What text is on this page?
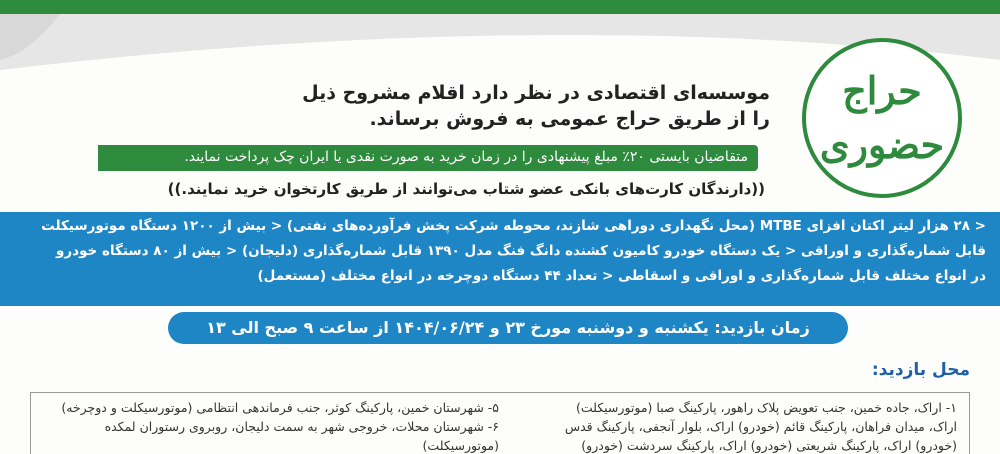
حراج
حضوری
موسسه‌ای اقتصادی در نظر دارد اقلام مشروح ذیل
را از طریق حراج عمومی به فروش برساند.
متقاضیان بایستی ۲۰٪ مبلغ پیشنهادی را در زمان خرید به صورت نقدی یا ایران چک پرداخت نمایند.
((دارندگان کارت‌های بانکی عضو شتاب می‌توانند از طریق کارتخوان خرید نمایند.))
< ۲۸ هزار لیتر اکتان افزای MTBE (محل نگهداری دوراهی شازند، محوطه شرکت پخش فرآورده‌های نفتی) < بیش از ۱۲۰۰ دستگاه موتورسیکلت
قابل شماره‌گذاری و اوراقی < یک دستگاه خودرو کامیون کشنده دانگ فنگ مدل ۱۳۹۰ قابل شماره‌گذاری (دلیجان) < بیش از ۸۰ دستگاه خودرو
در انواع مختلف قابل شماره‌گذاری و اوراقی و اسقاطی < تعداد ۴۴ دستگاه دوچرخه در انواع مختلف (مستعمل)
زمان بازدید: یکشنبه و دوشنبه مورخ ۲۳ و ۱۴۰۴/۰۶/۲۴ از ساعت ۹ صبح الی ۱۳
محل بازدید:
۱- اراک، جاده خمین، جنب تعویض پلاک راهور، پارکینگ صبا (موتورسیکلت)
اراک، میدان فراهان، پارکینگ قائم (خودرو) اراک، بلوار آنجفی، پارکینگ قدس
(خودرو) اراک، پارکینگ شریعتی (خودرو) اراک، پارکینگ سردشت (خودرو)
۵- شهرستان خمین، پارکینگ کوثر، جنب فرماندهی انتظامی (موتورسیکلت و دوچرخه)
۶- شهرستان محلات، خروجی شهر به سمت دلیجان، روبروی رستوران لمکده
(موتورسیکلت)
